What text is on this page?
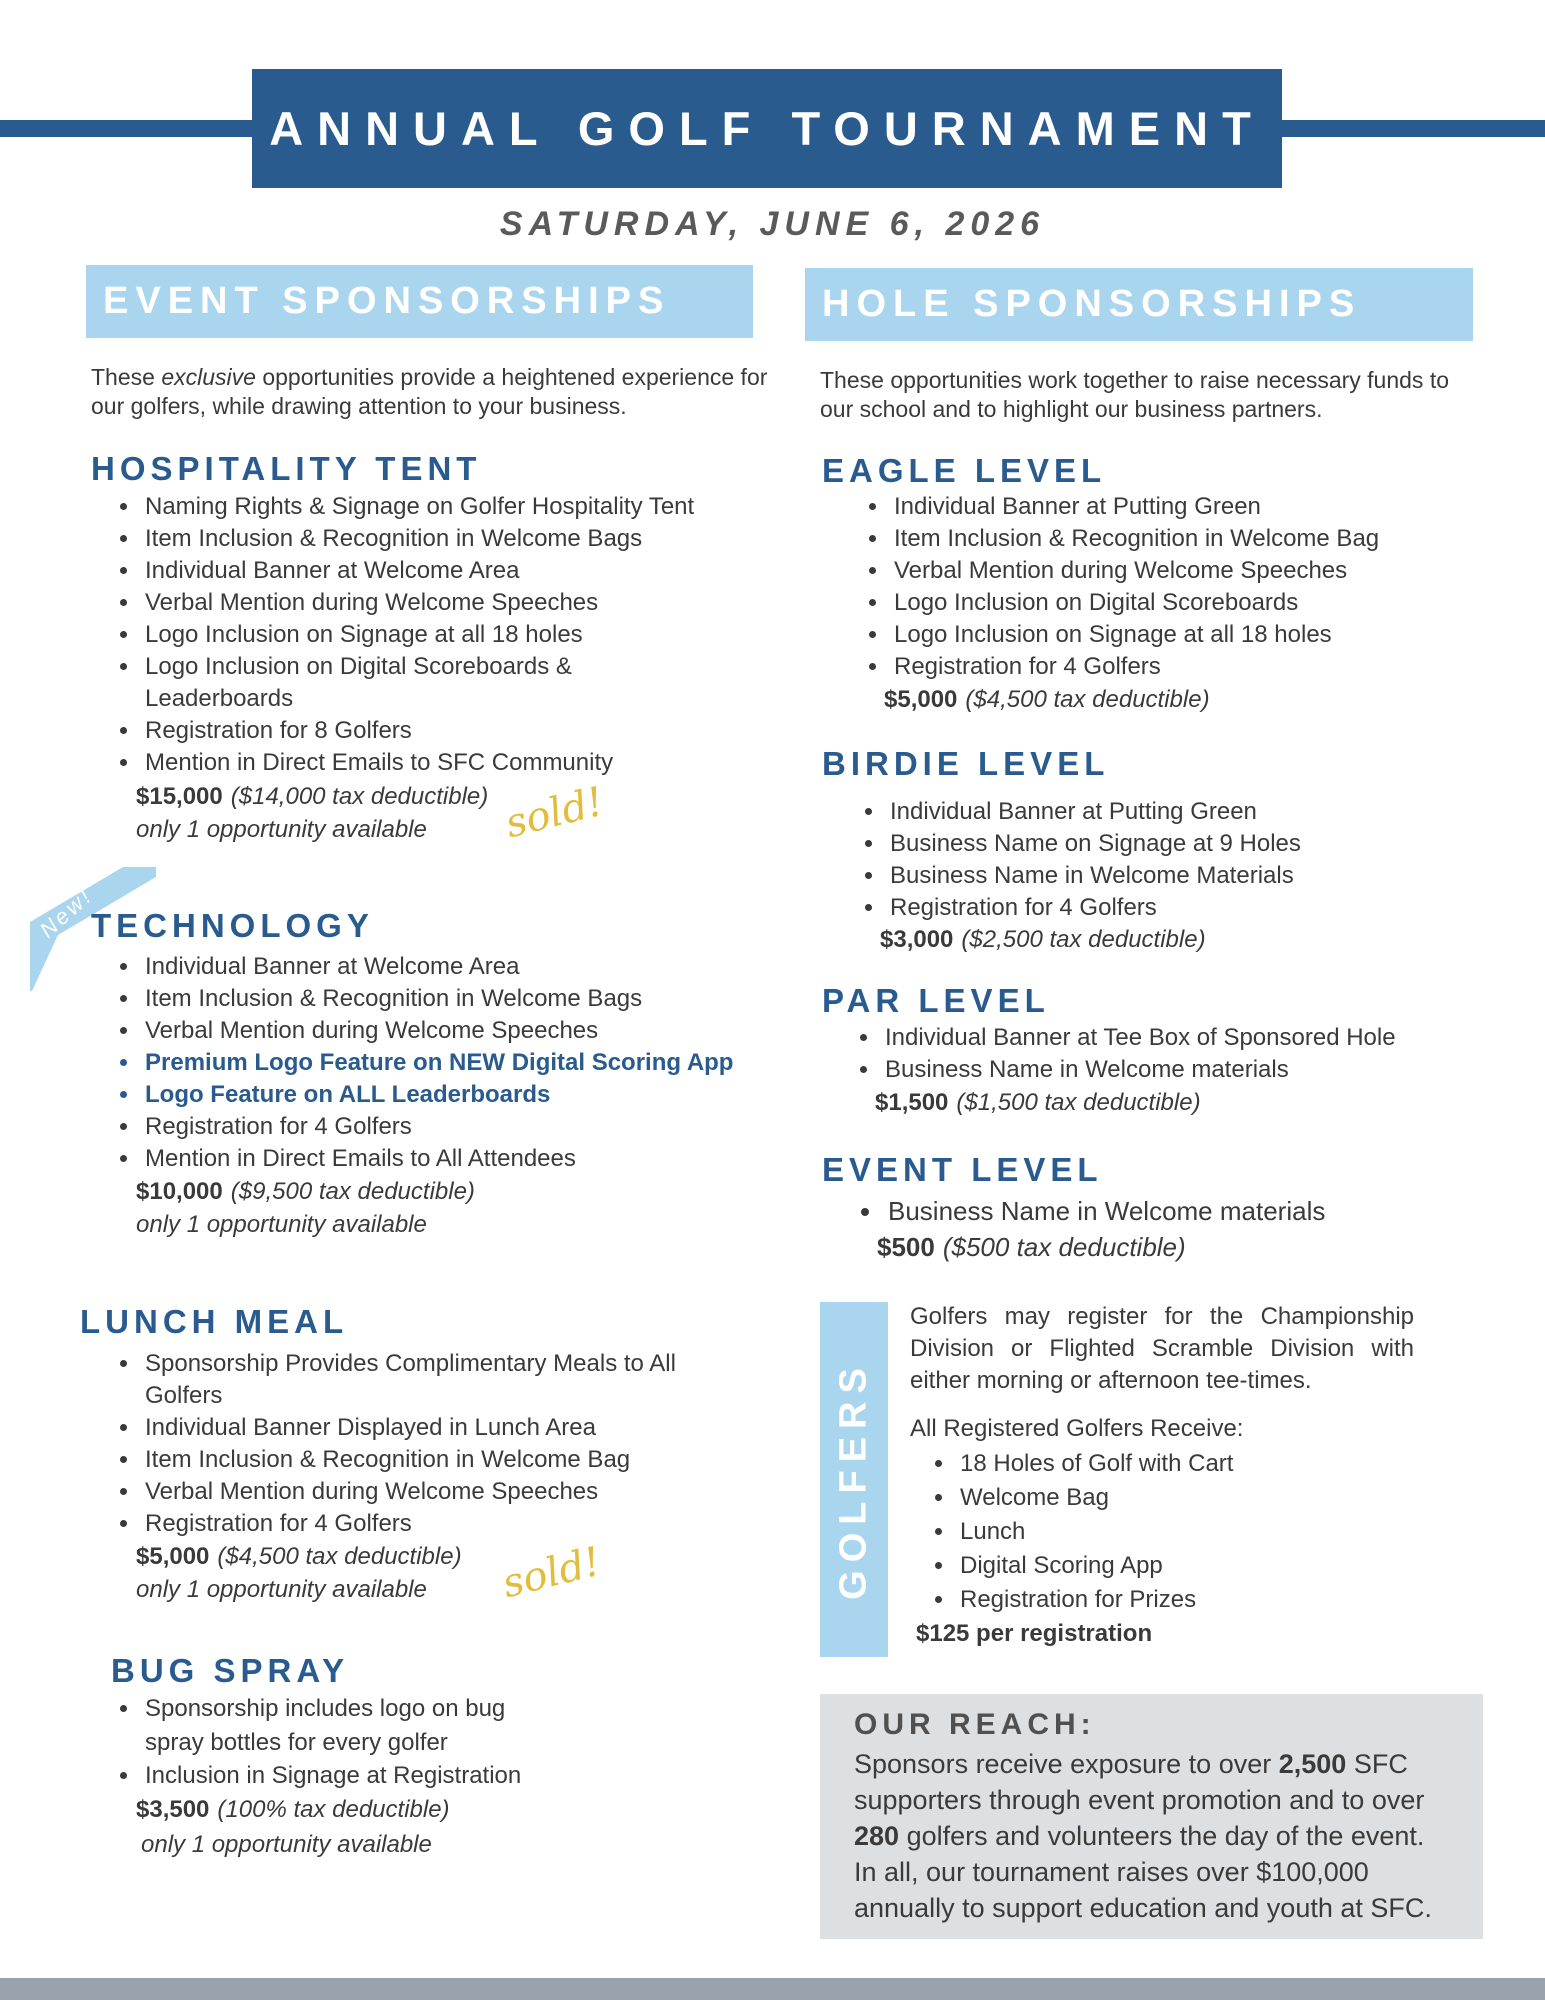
ANNUAL GOLF TOURNAMENT
SATURDAY, JUNE 6, 2026
EVENT SPONSORSHIPS
These exclusive opportunities provide a heightened experience for our golfers, while drawing attention to your business.
HOSPITALITY TENT
• Naming Rights & Signage on Golfer Hospitality Tent
• Item Inclusion & Recognition in Welcome Bags
• Individual Banner at Welcome Area
• Verbal Mention during Welcome Speeches
• Logo Inclusion on Signage at all 18 holes
• Logo Inclusion on Digital Scoreboards & Leaderboards
• Registration for 8 Golfers
• Mention in Direct Emails to SFC Community
$15,000 ($14,000 tax deductible)
only 1 opportunity available sold!
New!
TECHNOLOGY
• Individual Banner at Welcome Area
• Item Inclusion & Recognition in Welcome Bags
• Verbal Mention during Welcome Speeches
• Premium Logo Feature on NEW Digital Scoring App
• Logo Feature on ALL Leaderboards
• Registration for 4 Golfers
• Mention in Direct Emails to All Attendees
$10,000 ($9,500 tax deductible)
only 1 opportunity available
LUNCH MEAL
• Sponsorship Provides Complimentary Meals to All Golfers
• Individual Banner Displayed in Lunch Area
• Item Inclusion & Recognition in Welcome Bag
• Verbal Mention during Welcome Speeches
• Registration for 4 Golfers
$5,000 ($4,500 tax deductible)
only 1 opportunity available sold!
BUG SPRAY
• Sponsorship includes logo on bug spray bottles for every golfer
• Inclusion in Signage at Registration
$3,500 (100% tax deductible)
only 1 opportunity available
HOLE SPONSORSHIPS
These opportunities work together to raise necessary funds to our school and to highlight our business partners.
EAGLE LEVEL
• Individual Banner at Putting Green
• Item Inclusion & Recognition in Welcome Bag
• Verbal Mention during Welcome Speeches
• Logo Inclusion on Digital Scoreboards
• Logo Inclusion on Signage at all 18 holes
• Registration for 4 Golfers
$5,000 ($4,500 tax deductible)
BIRDIE LEVEL
• Individual Banner at Putting Green
• Business Name on Signage at 9 Holes
• Business Name in Welcome Materials
• Registration for 4 Golfers
$3,000 ($2,500 tax deductible)
PAR LEVEL
• Individual Banner at Tee Box of Sponsored Hole
• Business Name in Welcome materials
$1,500 ($1,500 tax deductible)
EVENT LEVEL
• Business Name in Welcome materials
$500 ($500 tax deductible)
GOLFERS
Golfers may register for the Championship Division or Flighted Scramble Division with either morning or afternoon tee-times.
All Registered Golfers Receive:
• 18 Holes of Golf with Cart
• Welcome Bag
• Lunch
• Digital Scoring App
• Registration for Prizes
$125 per registration
OUR REACH:
Sponsors receive exposure to over 2,500 SFC supporters through event promotion and to over 280 golfers and volunteers the day of the event. In all, our tournament raises over $100,000 annually to support education and youth at SFC.
